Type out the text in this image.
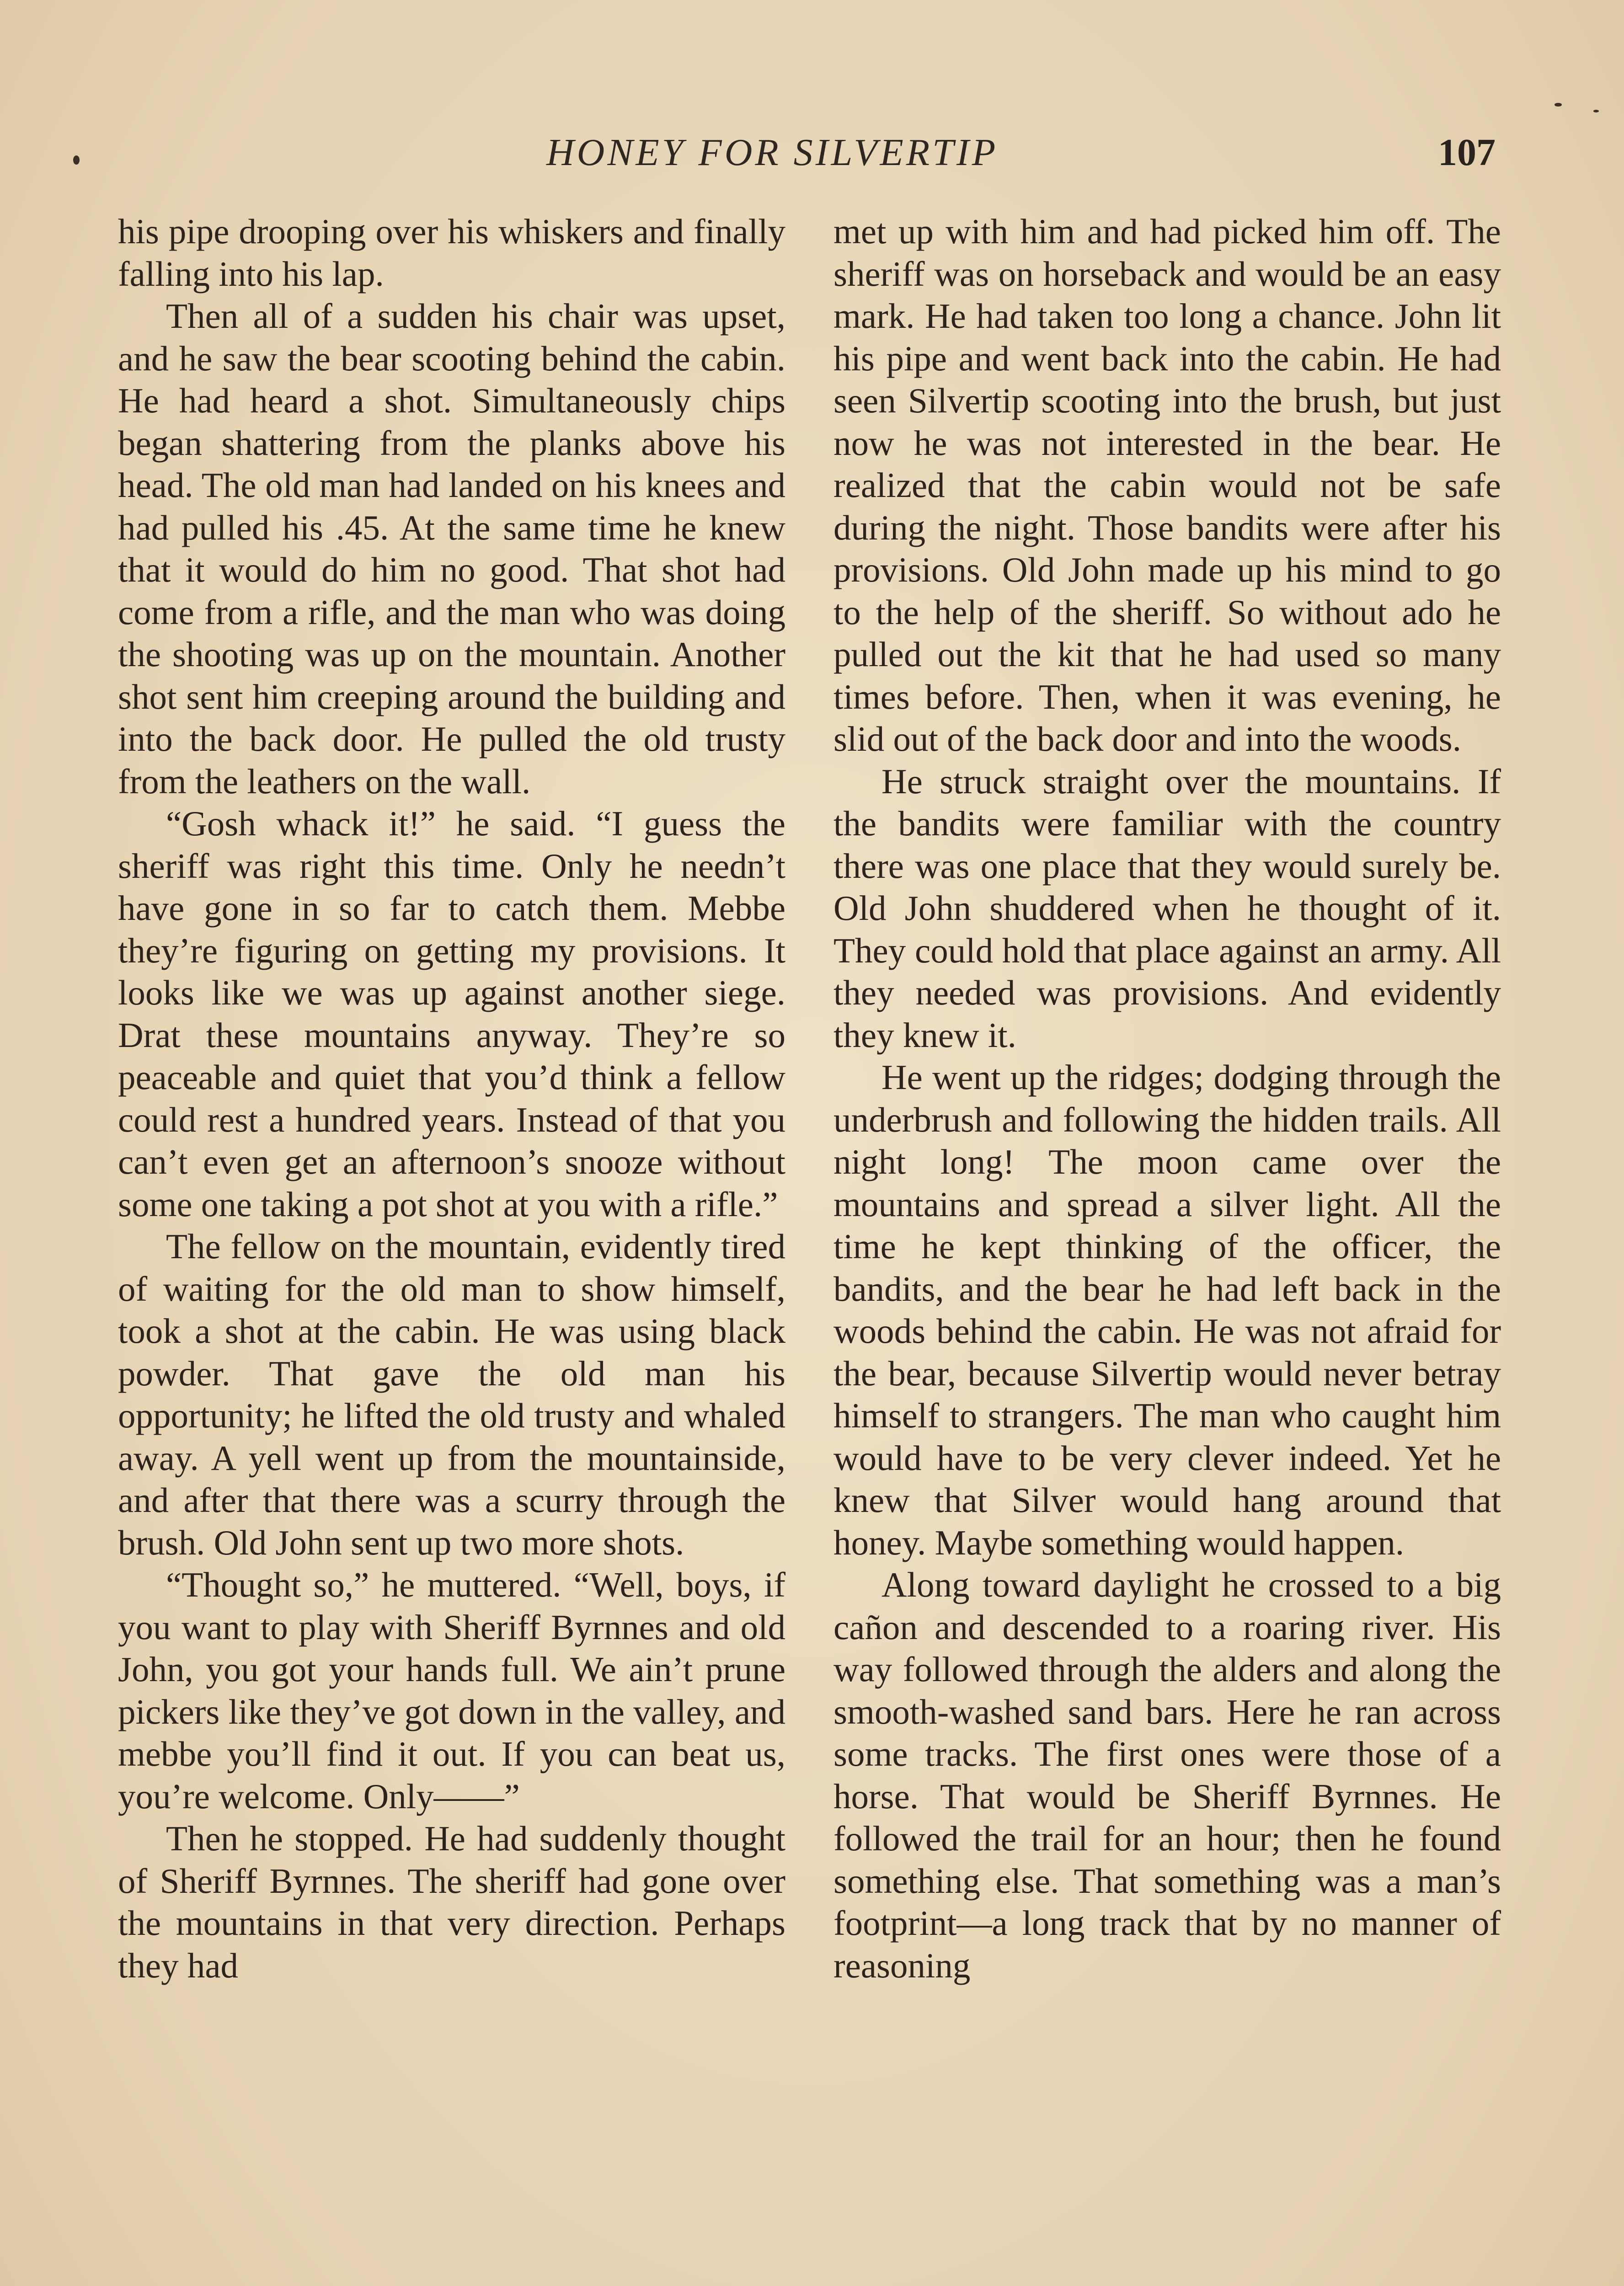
HONEY FOR SILVERTIP	107

his pipe drooping over his whiskers and finally falling into his lap.

Then all of a sudden his chair was upset, and he saw the bear scooting behind the cabin. He had heard a shot. Simultaneously chips began shattering from the planks above his head. The old man had landed on his knees and had pulled his .45. At the same time he knew that it would do him no good. That shot had come from a rifle, and the man who was doing the shooting was up on the mountain. Another shot sent him creeping around the building and into the back door. He pulled the old trusty from the leathers on the wall.

“Gosh whack it!” he said. “I guess the sheriff was right this time. Only he needn’t have gone in so far to catch them. Mebbe they’re figuring on getting my provisions. It looks like we was up against another siege. Drat these mountains anyway. They’re so peaceable and quiet that you’d think a fellow could rest a hundred years. Instead of that you can’t even get an afternoon’s snooze without some one taking a pot shot at you with a rifle.”

The fellow on the mountain, evidently tired of waiting for the old man to show himself, took a shot at the cabin. He was using black powder. That gave the old man his opportunity; he lifted the old trusty and whaled away. A yell went up from the mountainside, and after that there was a scurry through the brush. Old John sent up two more shots.

“Thought so,” he muttered. “Well, boys, if you want to play with Sheriff Byrnnes and old John, you got your hands full. We ain’t prune pickers like they’ve got down in the valley, and mebbe you’ll find it out. If you can beat us, you’re welcome. Only——”

Then he stopped. He had suddenly thought of Sheriff Byrnnes. The sheriff had gone over the mountains in that very direction. Perhaps they had

met up with him and had picked him off. The sheriff was on horseback and would be an easy mark. He had taken too long a chance. John lit his pipe and went back into the cabin. He had seen Silvertip scooting into the brush, but just now he was not interested in the bear. He realized that the cabin would not be safe during the night. Those bandits were after his provisions. Old John made up his mind to go to the help of the sheriff. So without ado he pulled out the kit that he had used so many times before. Then, when it was evening, he slid out of the back door and into the woods.

He struck straight over the mountains. If the bandits were familiar with the country there was one place that they would surely be. Old John shuddered when he thought of it. They could hold that place against an army. All they needed was provisions. And evidently they knew it.

He went up the ridges; dodging through the underbrush and following the hidden trails. All night long! The moon came over the mountains and spread a silver light. All the time he kept thinking of the officer, the bandits, and the bear he had left back in the woods behind the cabin. He was not afraid for the bear, because Silvertip would never betray himself to strangers. The man who caught him would have to be very clever indeed. Yet he knew that Silver would hang around that honey. Maybe something would happen.

Along toward daylight he crossed to a big cañon and descended to a roaring river. His way followed through the alders and along the smooth-washed sand bars. Here he ran across some tracks. The first ones were those of a horse. That would be Sheriff Byrnnes. He followed the trail for an hour; then he found something else. That something was a man’s footprint—a long track that by no manner of reasoning
